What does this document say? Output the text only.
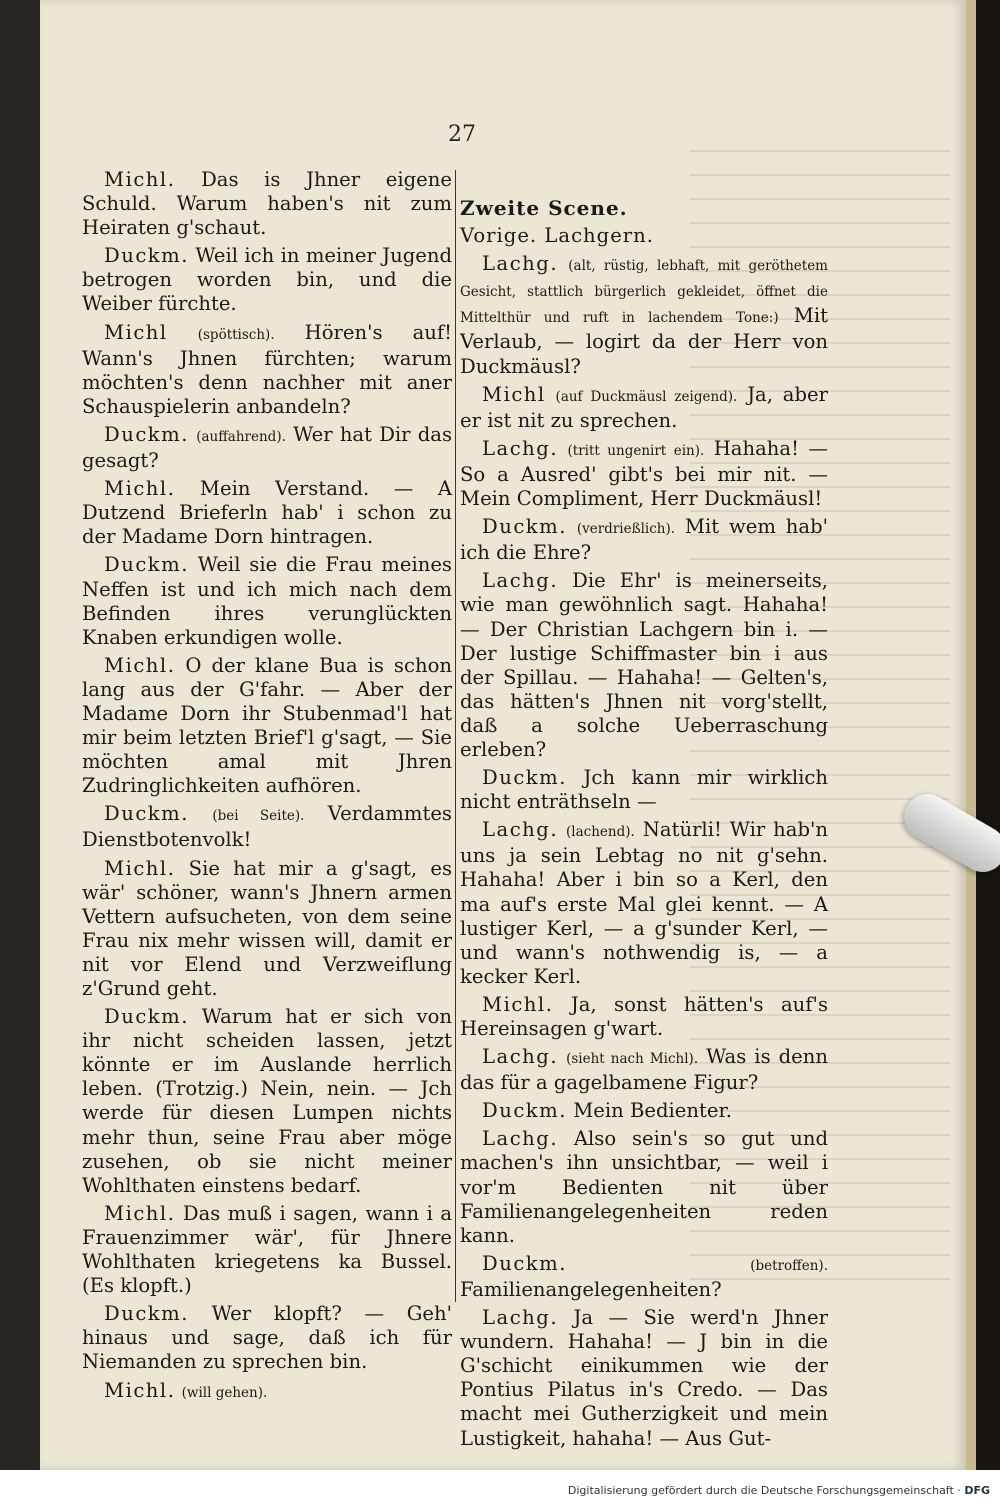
27

Michl. Das is Jhner eigene Schuld. Warum haben's nit zum Heiraten g'schaut.

Duckm. Weil ich in meiner Jugend betrogen worden bin, und die Weiber fürchte.

Michl (spöttisch). Hören's auf! Wann's Jhnen fürchten; warum möchten's denn nachher mit aner Schauspielerin anbandeln?

Duckm. (auffahrend). Wer hat Dir das gesagt?

Michl. Mein Verstand. — A Dutzend Brieferln hab' i schon zu der Madame Dorn hintragen.

Duckm. Weil sie die Frau meines Neffen ist und ich mich nach dem Befinden ihres verunglückten Knaben erkundigen wolle.

Michl. O der klane Bua is schon lang aus der G'fahr. — Aber der Madame Dorn ihr Stubenmad'l hat mir beim letzten Brief'l g'sagt, — Sie möchten amal mit Jhren Zudringlichkeiten aufhören.

Duckm. (bei Seite). Verdammtes Dienstbotenvolk!

Michl. Sie hat mir a g'sagt, es wär' schöner, wann's Jhnern armen Vettern aufsucheten, von dem seine Frau nix mehr wissen will, damit er nit vor Elend und Verzweiflung z'Grund geht.

Duckm. Warum hat er sich von ihr nicht scheiden lassen, jetzt könnte er im Auslande herrlich leben. (Trotzig.) Nein, nein. — Jch werde für diesen Lumpen nichts mehr thun, seine Frau aber möge zusehen, ob sie nicht meiner Wohlthaten einstens bedarf.

Michl. Das muß i sagen, wann i a Frauenzimmer wär', für Jhnere Wohlthaten kriegetens ka Bussel. (Es klopft.)

Duckm. Wer klopft? — Geh' hinaus und sage, daß ich für Niemanden zu sprechen bin.

Michl. (will gehen).

Zweite Scene.

Vorige. Lachgern.

Lachg. (alt, rüstig, lebhaft, mit geröthetem Gesicht, stattlich bürgerlich gekleidet, öffnet die Mittelthür und ruft in lachendem Tone:) Mit Verlaub, — logirt da der Herr von Duckmäusl?

Michl (auf Duckmäusl zeigend). Ja, aber er ist nit zu sprechen.

Lachg. (tritt ungenirt ein). Hahaha! — So a Ausred' gibt's bei mir nit. — Mein Compliment, Herr Duckmäusl!

Duckm. (verdrießlich). Mit wem hab' ich die Ehre?

Lachg. Die Ehr' is meinerseits, wie man gewöhnlich sagt. Hahaha! — Der Christian Lachgern bin i. — Der lustige Schiffmaster bin i aus der Spillau. — Hahaha! — Gelten's, das hätten's Jhnen nit vorg'stellt, daß a solche Ueberraschung erleben?

Duckm. Jch kann mir wirklich nicht enträthseln —

Lachg. (lachend). Natürli! Wir hab'n uns ja sein Lebtag no nit g'sehn. Hahaha! Aber i bin so a Kerl, den ma auf's erste Mal glei kennt. — A lustiger Kerl, — a g'sunder Kerl, — und wann's nothwendig is, — a kecker Kerl.

Michl. Ja, sonst hätten's auf's Hereinsagen g'wart.

Lachg. (sieht nach Michl). Was is denn das für a gagelbamene Figur?

Duckm. Mein Bedienter.

Lachg. Also sein's so gut und machen's ihn unsichtbar, — weil i vor'm Bedienten nit über Familienangelegenheiten reden kann.

Duckm.	(betroffen). Familienangelegenheiten?

Lachg. Ja — Sie werd'n Jhner wundern. Hahaha! — J bin in die G'schicht einikummen wie der Pontius Pilatus in's Credo. — Das macht mei Gutherzigkeit und mein Lustigkeit, hahaha! — Aus Gut-

Digitalisierung gefördert durch die Deutsche Forschungsgemeinschaft · DFG
